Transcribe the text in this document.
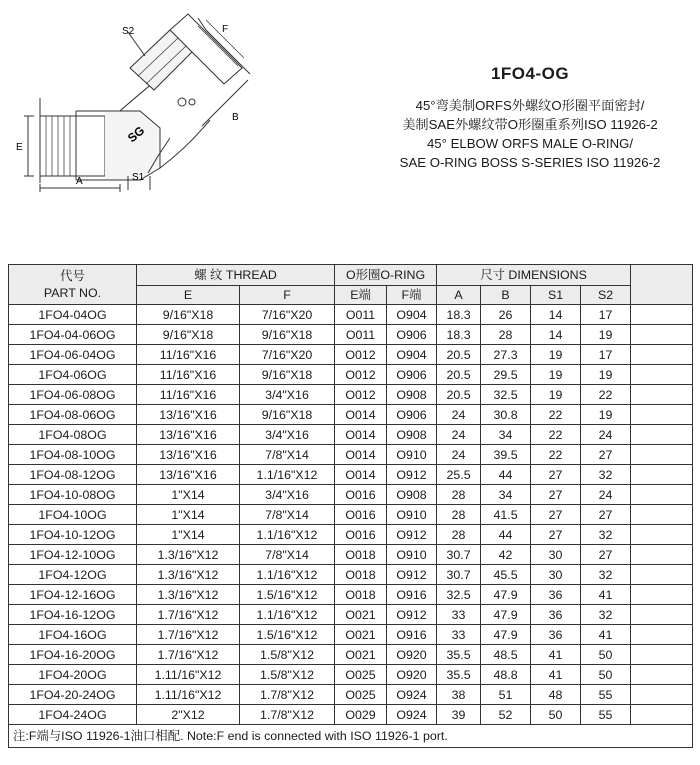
S2	F
B
E
A	S1
SG
1FO4-OG
45°弯美制ORFS外螺纹O形圈平面密封/
美制SAE外螺纹带O形圈重系列ISO 11926-2
45° ELBOW ORFS MALE O-RING/
SAE O-RING BOSS S-SERIES ISO 11926-2
代号
PART NO.	螺 纹 THREAD		O形圈O-RING		尺寸 DIMENSIONS				
	E	F	E端	F端	A	B	S1	S2	
1FO4-04OG	9/16"X18	7/16"X20	O011	O904	18.3	26	14	17	
1FO4-04-06OG	9/16"X18	9/16"X18	O011	O906	18.3	28	14	19	
1FO4-06-04OG	11/16"X16	7/16"X20	O012	O904	20.5	27.3	19	17	
1FO4-06OG	11/16"X16	9/16"X18	O012	O906	20.5	29.5	19	19	
1FO4-06-08OG	11/16"X16	3/4"X16	O012	O908	20.5	32.5	19	22	
1FO4-08-06OG	13/16"X16	9/16"X18	O014	O906	24	30.8	22	19	
1FO4-08OG	13/16"X16	3/4"X16	O014	O908	24	34	22	24	
1FO4-08-10OG	13/16"X16	7/8"X14	O014	O910	24	39.5	22	27	
1FO4-08-12OG	13/16"X16	1.1/16"X12	O014	O912	25.5	44	27	32	
1FO4-10-08OG	1"X14	3/4"X16	O016	O908	28	34	27	24	
1FO4-10OG	1"X14	7/8"X14	O016	O910	28	41.5	27	27	
1FO4-10-12OG	1"X14	1.1/16"X12	O016	O912	28	44	27	32	
1FO4-12-10OG	1.3/16"X12	7/8"X14	O018	O910	30.7	42	30	27	
1FO4-12OG	1.3/16"X12	1.1/16"X12	O018	O912	30.7	45.5	30	32	
1FO4-12-16OG	1.3/16"X12	1.5/16"X12	O018	O916	32.5	47.9	36	41	
1FO4-16-12OG	1.7/16"X12	1.1/16"X12	O021	O912	33	47.9	36	32	
1FO4-16OG	1.7/16"X12	1.5/16"X12	O021	O916	33	47.9	36	41	
1FO4-16-20OG	1.7/16"X12	1.5/8"X12	O021	O920	35.5	48.5	41	50	
1FO4-20OG	1.11/16"X12	1.5/8"X12	O025	O920	35.5	48.8	41	50	
1FO4-20-24OG	1.11/16"X12	1.7/8"X12	O025	O924	38	51	48	55	
1FO4-24OG	2"X12	1.7/8"X12	O029	O924	39	52	50	55	
注:F端与ISO 11926-1油口相配. Note:F end is connected with ISO 11926-1 port.									
